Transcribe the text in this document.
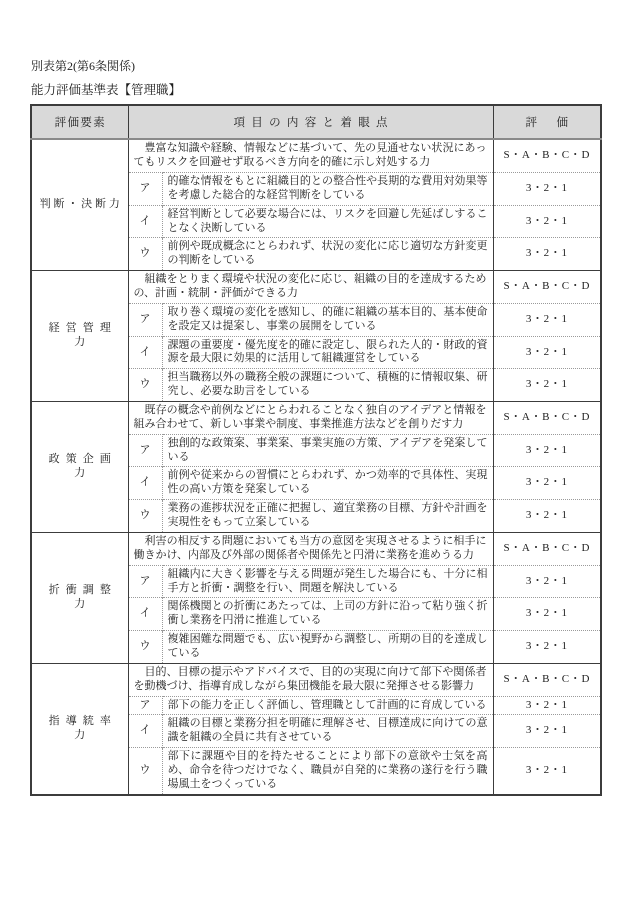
別表第2(第6条関係)

能力評価基準表【管理職】

評価要素	項目の内容と着眼点		評価
判断・決断力	豊富な知識や経験、情報などに基づいて、先の見通せない状況にあってもリスクを回避せず取るべき方向を的確に示し対処する力		S・A・B・C・D
	ア	的確な情報をもとに組織目的との整合性や長期的な費用対効果等を考慮した総合的な経営判断をしている	3・2・1
	イ	経営判断として必要な場合には、リスクを回避し先延ばしすることなく決断している	3・2・1
	ウ	前例や既成概念にとらわれず、状況の変化に応じ適切な方針変更の判断をしている	3・2・1
経営管理力	組織をとりまく環境や状況の変化に応じ、組織の目的を達成するための、計画・統制・評価ができる力		S・A・B・C・D
	ア	取り巻く環境の変化を感知し、的確に組織の基本目的、基本使命を設定又は提案し、事業の展開をしている	3・2・1
	イ	課題の重要度・優先度を的確に設定し、限られた人的・財政的資源を最大限に効果的に活用して組織運営をしている	3・2・1
	ウ	担当職務以外の職務全般の課題について、積極的に情報収集、研究し、必要な助言をしている	3・2・1
政策企画力	既存の概念や前例などにとらわれることなく独自のアイデアと情報を組み合わせて、新しい事業や制度、事業推進方法などを創りだす力		S・A・B・C・D
	ア	独創的な政策案、事業案、事業実施の方策、アイデアを発案している	3・2・1
	イ	前例や従来からの習慣にとらわれず、かつ効率的で具体性、実現性の高い方策を発案している	3・2・1
	ウ	業務の進捗状況を正確に把握し、適宜業務の目標、方針や計画を実現性をもって立案している	3・2・1
折衝調整力	利害の相反する問題においても当方の意図を実現させるように相手に働きかけ、内部及び外部の関係者や関係先と円滑に業務を進めうる力		S・A・B・C・D
	ア	組織内に大きく影響を与える問題が発生した場合にも、十分に相手方と折衝・調整を行い、問題を解決している	3・2・1
	イ	関係機関との折衝にあたっては、上司の方針に沿って粘り強く折衝し業務を円滑に推進している	3・2・1
	ウ	複雑困難な問題でも、広い視野から調整し、所期の目的を達成している	3・2・1
指導統率力	目的、目標の提示やアドバイスで、目的の実現に向けて部下や関係者を動機づけ、指導育成しながら集団機能を最大限に発揮させる影響力		S・A・B・C・D
	ア	部下の能力を正しく評価し、管理職として計画的に育成している	3・2・1
	イ	組織の目標と業務分担を明確に理解させ、目標達成に向けての意識を組織の全員に共有させている	3・2・1
	ウ	部下に課題や目的を持たせることにより部下の意欲や士気を高め、命令を待つだけでなく、職員が自発的に業務の遂行を行う職場風土をつくっている	3・2・1
